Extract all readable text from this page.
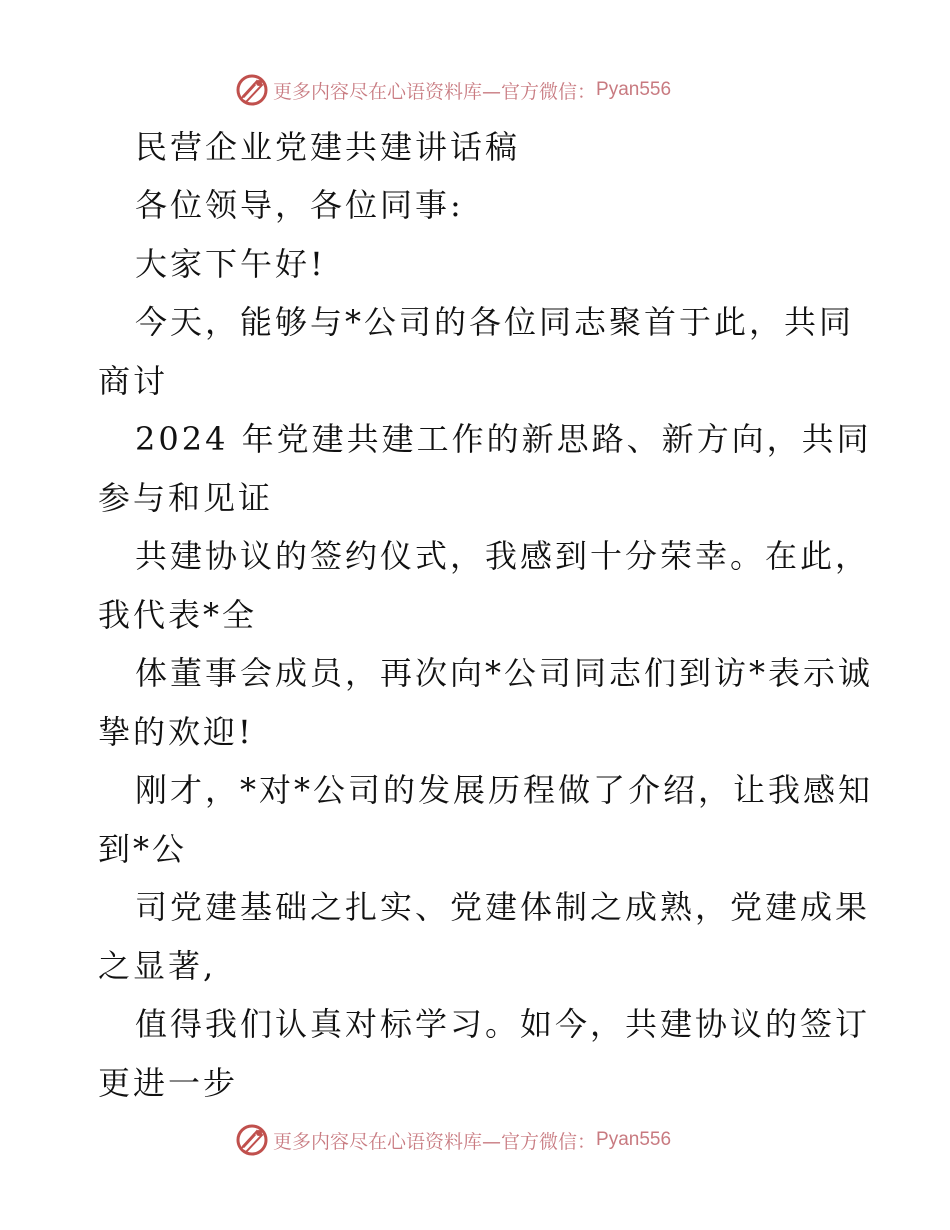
更多内容尽在心语资料库—官方微信： Pyan556
民营企业党建共建讲话稿
各位领导，各位同事:
大家下午好!
今天，能够与*公司的各位同志聚首于此，共同
商讨
2024 年党建共建工作的新思路、新方向，共同
参与和见证
共建协议的签约仪式，我感到十分荣幸。在此，
我代表*全
体董事会成员，再次向*公司同志们到访*表示诚
挚的欢迎!
刚才，*对*公司的发展历程做了介绍，让我感知
到*公
司党建基础之扎实、党建体制之成熟，党建成果
之显著,
值得我们认真对标学习。如今，共建协议的签订
更进一步
更多内容尽在心语资料库—官方微信： Pyan556
